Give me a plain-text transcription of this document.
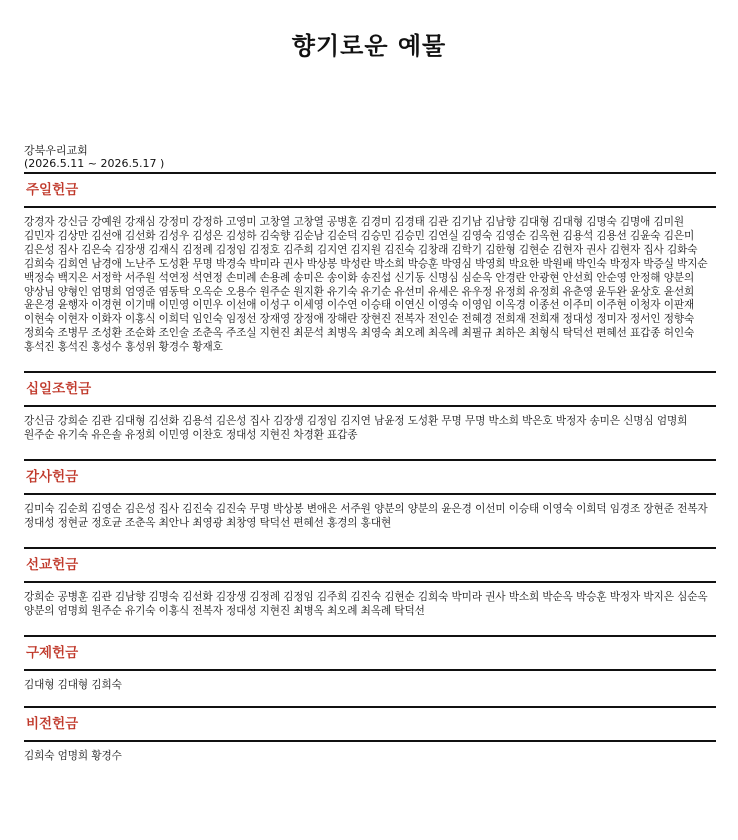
향기로운 예물
강북우리교회
(2026.5.11 ~ 2026.5.17 )
주일헌금
강경자 강신금 강예원 강재심 강정미 강정하 고영미 고창열 고창열 공병훈 김경미 김경태 김관 김기남 김남향 김대형 김대형 김명숙 김명애 김미원 김민자 김상만 김선애 김선화 김성우 김성은 김성하 김숙향 김순남 김순덕 김승민 김승민 김연실 김영숙 김영순 김옥현 김용석 김용선 김윤숙 김은미 김은성 집사 김은숙 김장생 김재식 김정례 김정임 김정호 김주희 김지연 김지원 김진숙 김창래 김학기 김한형 김현순 김현자 권사 김현자 집사 김화숙 김희숙 김희연 남경애 노난주 도성환 무명 박경숙 박미라 권사 박상봉 박성란 박소희 박승훈 박영심 박영희 박요한 박원배 박인숙 박정자 박증실 박지순 백정숙 백지은 서정학 서주원 석연정 석연정 손미례 손용례 송미은 송이화 송진섭 신기동 신명심 심순옥 안경란 안광현 안선희 안순영 안정해 양분의 양상님 양형인 엄명희 엄영준 염동탁 오옥순 오용수 원주순 원지환 유기숙 유기순 유선미 유세은 유우정 유정희 유정희 유춘영 윤두완 윤상호 윤선희 윤은경 윤행자 이경현 이기매 이민영 이민우 이선애 이성구 이세영 이수연 이승태 이연신 이영숙 이영임 이옥경 이종선 이주미 이주현 이청자 이판재 이현숙 이현자 이화자 이홍식 이희덕 임인숙 임정선 장재영 장정애 장해란 장현진 전복자 전인순 전혜경 전희재 전희재 정대성 정미자 정서인 정향숙 정희숙 조병무 조성환 조순화 조인술 조춘옥 주조실 지현진 최문석 최병옥 최영숙 최오례 최옥례 최필규 최하은 최형식 탁덕선 편혜선 표갑종 허인숙 홍석진 홍석진 홍성수 홍성위 황경수 황재호
십일조헌금
강신금 강희순 김관 김대형 김선화 김용석 김은성 집사 김장생 김정임 김지연 남윤정 도성환 무명 무명 박소희 박은호 박정자 송미은 신명심 엄명희 원주순 유기숙 유은솔 유정희 이민영 이찬호 정대성 지현진 차경환 표갑종
감사헌금
김미숙 김순희 김영순 김은성 집사 김진숙 김진숙 무명 박상봉 변애은 서주원 양분의 양분의 윤은경 이선미 이승태 이영숙 이희덕 임경조 장현준 전복자 정대성 정현균 정호균 조춘옥 최안나 최영광 최창영 탁덕선 편혜선 홍경의 홍대현
선교헌금
강희순 공병훈 김관 김남향 김명숙 김선화 김장생 김정례 김정임 김주희 김진숙 김현순 김희숙 박미라 권사 박소희 박순옥 박승훈 박정자 박지은 심순옥 양분의 엄명희 원주순 유기숙 이홍식 전복자 정대성 지현진 최병옥 최오례 최옥례 탁덕선
구제헌금
김대형 김대형 김희숙
비전헌금
김희숙 엄명희 황경수
